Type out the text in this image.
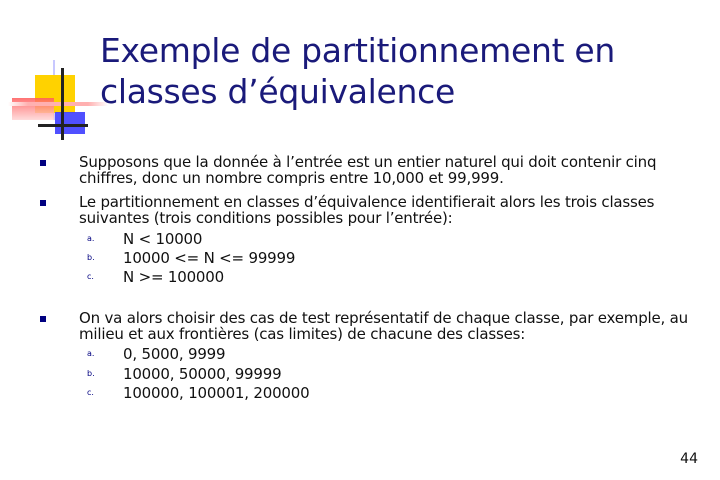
Exemple de partitionnement en classes d’équivalence
Supposons que la donnée à l’entrée est un entier naturel qui doit contenir cinq chiffres, donc un nombre compris entre 10,000 et 99,999.
Le partitionnement en classes d’équivalence identifierait alors les trois classes suivantes (trois conditions possibles pour l’entrée):
a. N < 10000
b. 10000 <= N <= 99999
c. N >= 100000
On va alors choisir des cas de test représentatif de chaque classe, par exemple, au milieu et aux frontières (cas limites) de chacune des classes:
a. 0, 5000, 9999
b. 10000, 50000, 99999
c. 100000, 100001, 200000
44
